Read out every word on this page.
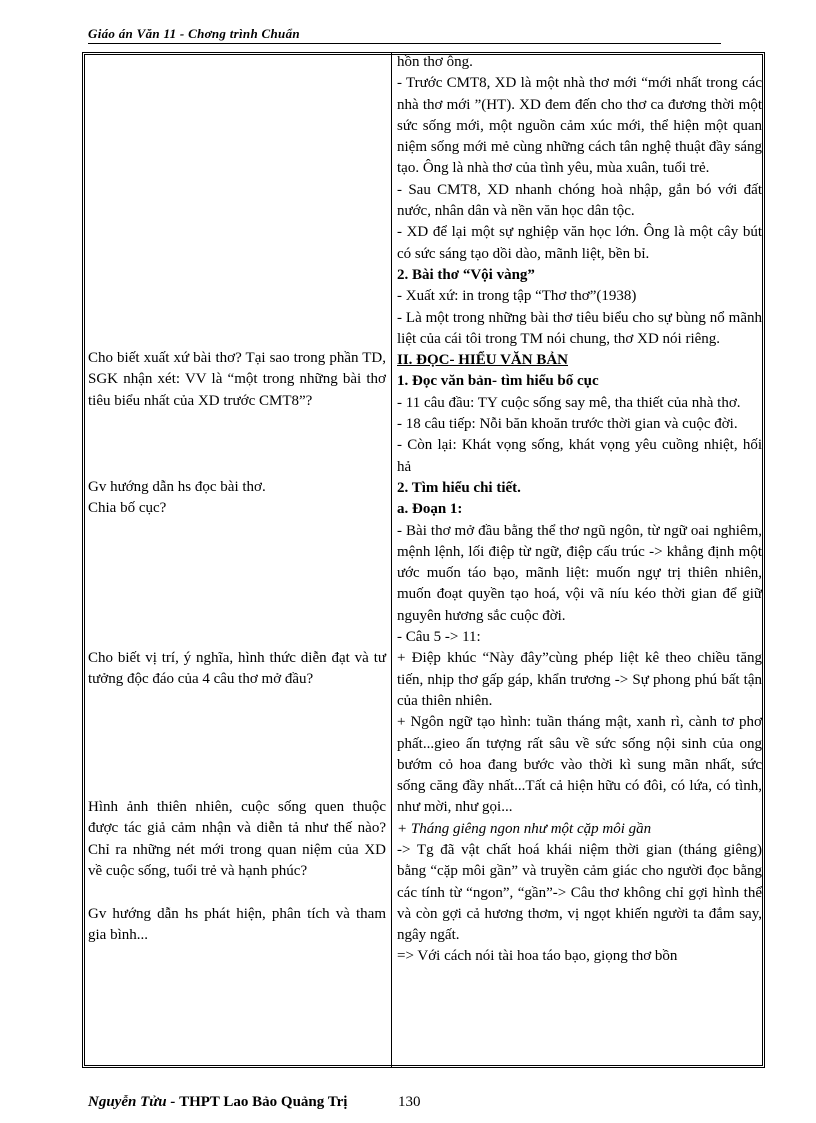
Giáo án Văn 11 - Chơng trình Chuẩn

Cho biết xuất xứ bài thơ? Tại sao trong phần TD, SGK nhận xét: VV là “một trong những bài thơ tiêu biểu nhất của XD trước CMT8”?

Gv hướng dẫn hs đọc bài thơ.

Chia bố cục?

Cho biết vị trí, ý nghĩa, hình thức diễn đạt và tư tưởng độc đáo của 4 câu thơ mở đầu?

Hình ảnh thiên nhiên, cuộc sống quen thuộc được tác giả cảm nhận và diễn tả như thế nào? Chỉ ra những nét mới trong quan niệm của XD về cuộc sống, tuổi trẻ và hạnh phúc?

Gv hướng dẫn hs phát hiện, phân tích và tham gia bình...

hồn thơ ông.

- Trước CMT8, XD là một nhà thơ mới “mới nhất trong các nhà thơ mới ”(HT). XD đem đến cho thơ ca đương thời một sức sống mới, một nguồn cảm xúc mới, thể hiện một quan niệm sống mới mẻ cùng những cách tân nghệ thuật đầy sáng tạo. Ông là nhà thơ của tình yêu, mùa xuân, tuổi trẻ.

- Sau CMT8, XD nhanh chóng hoà nhập, gắn bó với đất nước, nhân dân và nền văn học dân tộc.

- XD để lại một sự nghiệp văn học lớn. Ông là một cây bút có sức sáng tạo dồi dào, mãnh liệt, bền bỉ.

2. Bài thơ “Vội vàng”

- Xuất xứ: in trong tập “Thơ thơ”(1938)

- Là một trong những bài thơ tiêu biểu cho sự bùng nổ mãnh liệt của cái tôi trong TM nói chung, thơ XD nói riêng.

II. ĐỌC- HIỂU VĂN BẢN

1. Đọc văn bản- tìm hiểu bố cục

- 11 câu đầu: TY cuộc sống say mê, tha thiết của nhà thơ.

- 18 câu tiếp: Nỗi băn khoăn trước thời gian và cuộc đời.

- Còn lại: Khát vọng sống, khát vọng yêu cuồng nhiệt, hối hả

2. Tìm hiểu chi tiết.

a. Đoạn 1:

- Bài thơ mở đầu bằng thể thơ ngũ ngôn, từ ngữ oai nghiêm, mệnh lệnh, lối điệp từ ngữ, điệp cấu trúc -> khẳng định một ước muốn táo bạo, mãnh liệt: muốn ngự trị thiên nhiên, muốn đoạt quyền tạo hoá, vội vã níu kéo thời gian để giữ nguyên hương sắc cuộc đời.

- Câu 5 -> 11:

+ Điệp khúc “Này đây”cùng phép liệt kê theo chiều tăng tiến, nhịp thơ gấp gáp, khẩn trương -> Sự phong phú bất tận của thiên nhiên.

+ Ngôn ngữ tạo hình: tuần tháng mật, xanh rì, cành tơ phơ phất...gieo ấn tượng rất sâu về sức sống nội sinh của ong bướm cỏ hoa đang bước vào thời kì sung mãn nhất, sức sống căng đầy nhất...Tất cả hiện hữu có đôi, có lứa, có tình, như mời, như gọi...

+ Tháng giêng ngon như một cặp môi gần

-> Tg đã vật chất hoá khái niệm thời gian (tháng giêng) bằng “cặp môi gần” và truyền cảm giác cho người đọc bằng các tính từ “ngon”, “gần”-> Câu thơ không chỉ gợi hình thể và còn gợi cả hương thơm, vị ngọt khiến người ta đắm say, ngây ngất.

=> Với cách nói tài hoa táo bạo, giọng thơ bồn

Nguyễn Tửu - THPT Lao Bảo Quảng Trị	130
